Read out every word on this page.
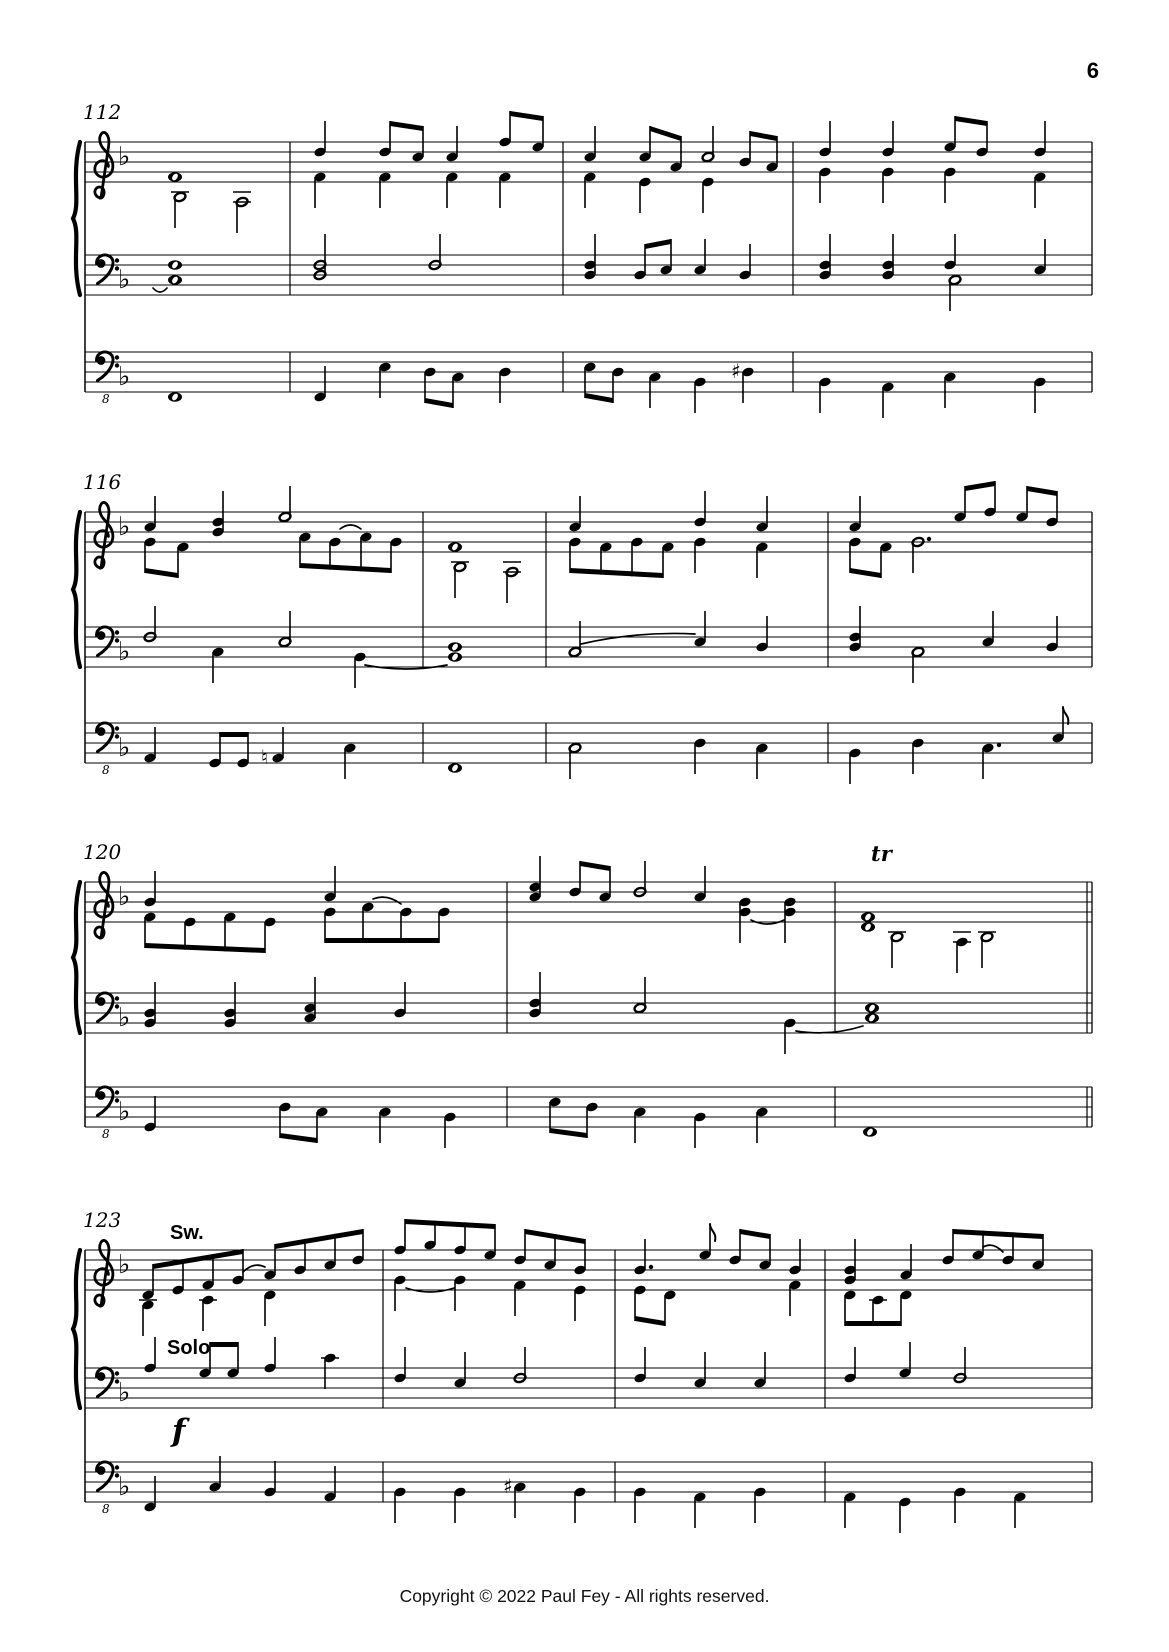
♭
♭
8
♭	♯
♭
♭
8
♭	♮
♭
♭
8
♭
♭
♭
8
♭	♯
6
112
116
120
123
tr
Sw.
Solo
f
Copyright © 2022 Paul Fey - All rights reserved.
